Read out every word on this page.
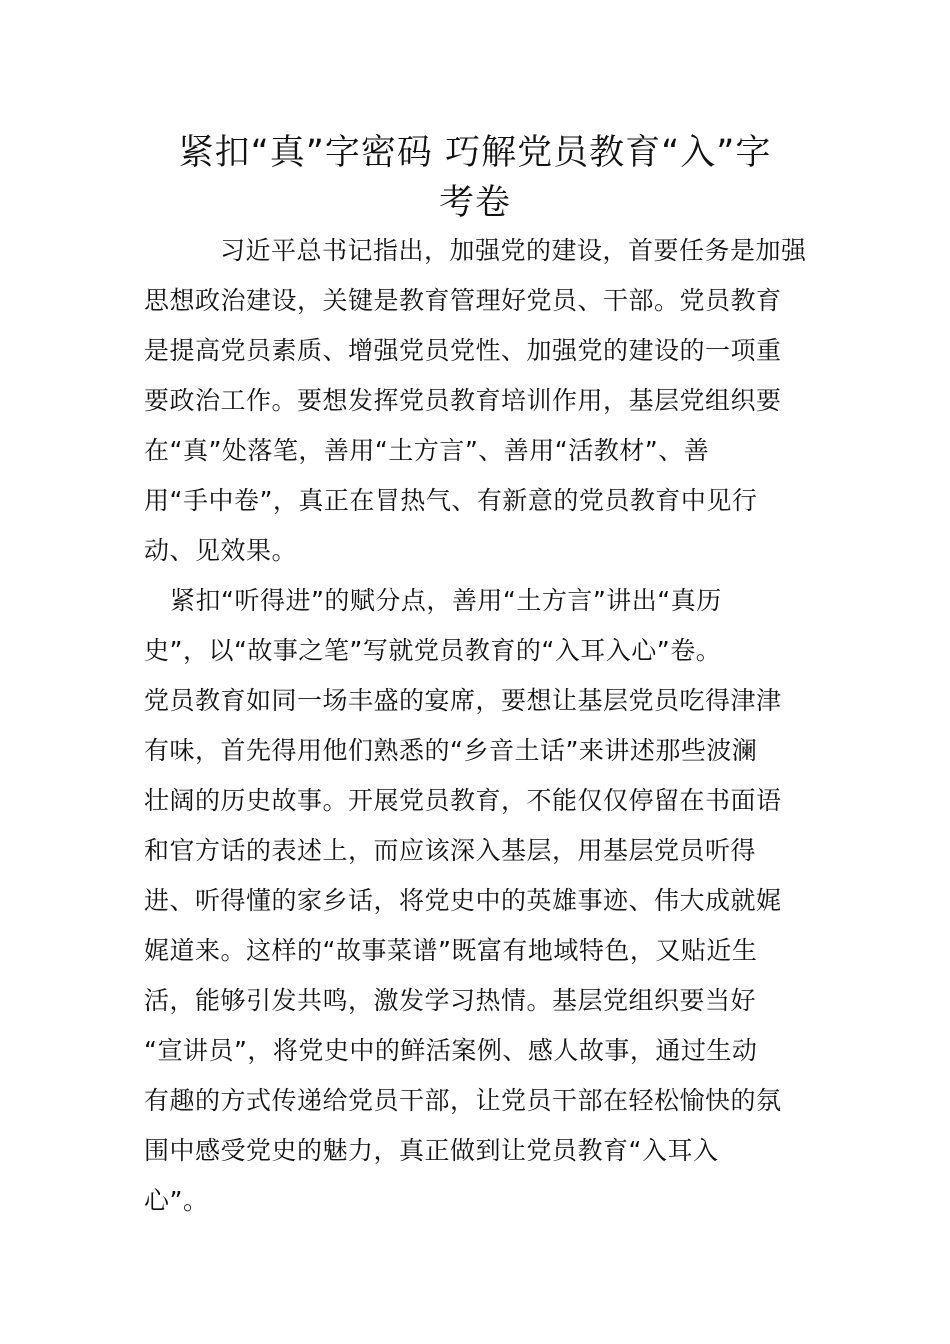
紧扣“真”字密码 巧解党员教育“入”字
考卷
习近平总书记指出，加强党的建设，首要任务是加强
思想政治建设，关键是教育管理好党员、干部。党员教育
是提高党员素质、增强党员党性、加强党的建设的一项重
要政治工作。要想发挥党员教育培训作用，基层党组织要
在“真”处落笔，善用“土方言”、善用“活教材”、善
用“手中卷”，真正在冒热气、有新意的党员教育中见行
动、见效果。
紧扣“听得进”的赋分点，善用“土方言”讲出“真历
史”，以“故事之笔”写就党员教育的“入耳入心”卷。
党员教育如同一场丰盛的宴席，要想让基层党员吃得津津
有味，首先得用他们熟悉的“乡音土话”来讲述那些波澜
壮阔的历史故事。开展党员教育，不能仅仅停留在书面语
和官方话的表述上，而应该深入基层，用基层党员听得
进、听得懂的家乡话，将党史中的英雄事迹、伟大成就娓
娓道来。这样的“故事菜谱”既富有地域特色，又贴近生
活，能够引发共鸣，激发学习热情。基层党组织要当好
“宣讲员”，将党史中的鲜活案例、感人故事，通过生动
有趣的方式传递给党员干部，让党员干部在轻松愉快的氛
围中感受党史的魅力，真正做到让党员教育“入耳入
心”。
